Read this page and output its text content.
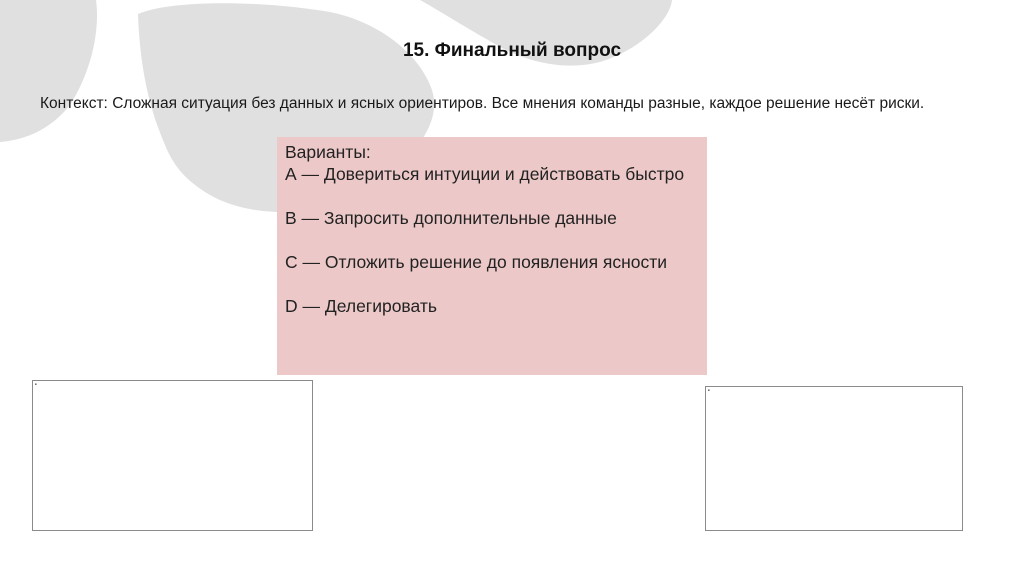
15. Финальный вопрос
Контекст: Сложная ситуация без данных и ясных ориентиров. Все мнения команды разные, каждое решение несёт риски.
Варианты:
А — Довериться интуиции и действовать быстро
В — Запросить дополнительные данные
С — Отложить решение до появления ясности
D — Делегировать
■
■
